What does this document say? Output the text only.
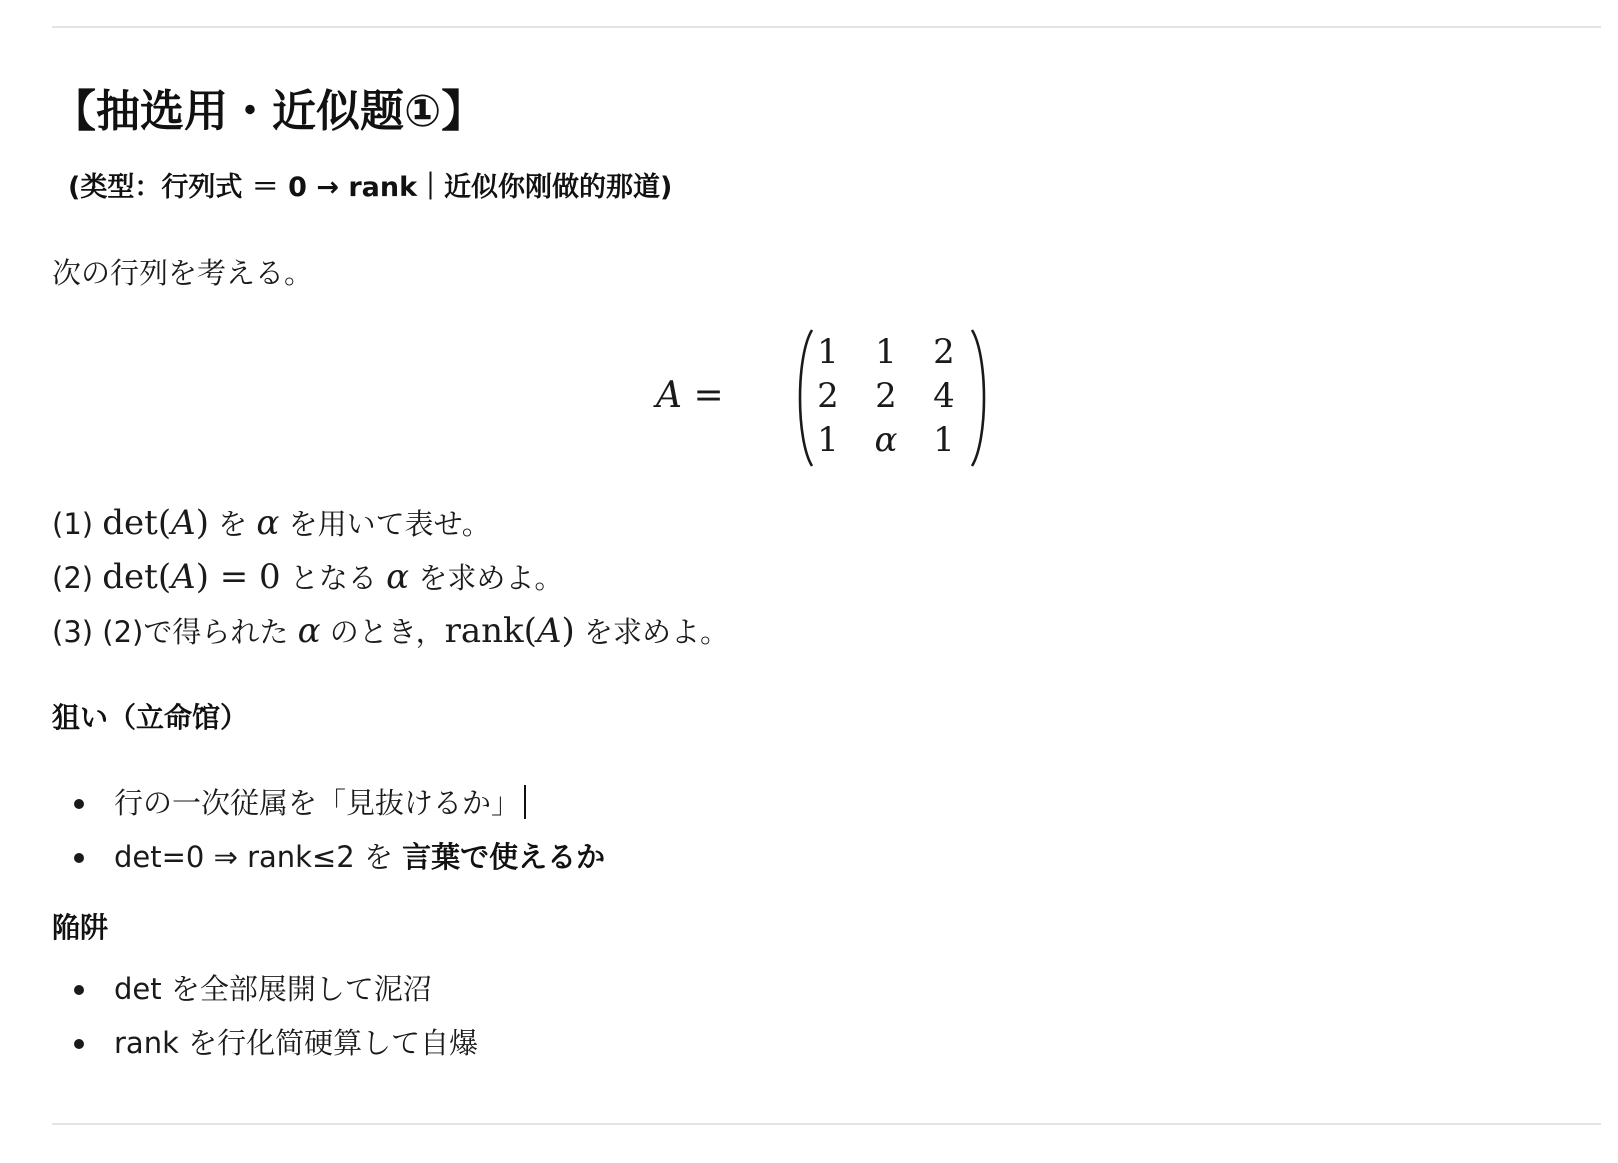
【抽选用・近似题①】
(类型：行列式 ＝ 0 → rank｜近似你刚做的那道)

次の行列を考える。

A =
1	1	2
2	2	4
1	α	1

(1) det(A) を α を用いて表せ。

(2) det(A) = 0 となる α を求めよ。

(3) (2)で得られた α のとき，rank(A) を求めよ。

狙い（立命馆）
行の一次従属を「見抜けるか」
det=0 ⇒ rank≤2 を 言葉で使えるか
陥阱
det を全部展開して泥沼
rank を行化简硬算して自爆
